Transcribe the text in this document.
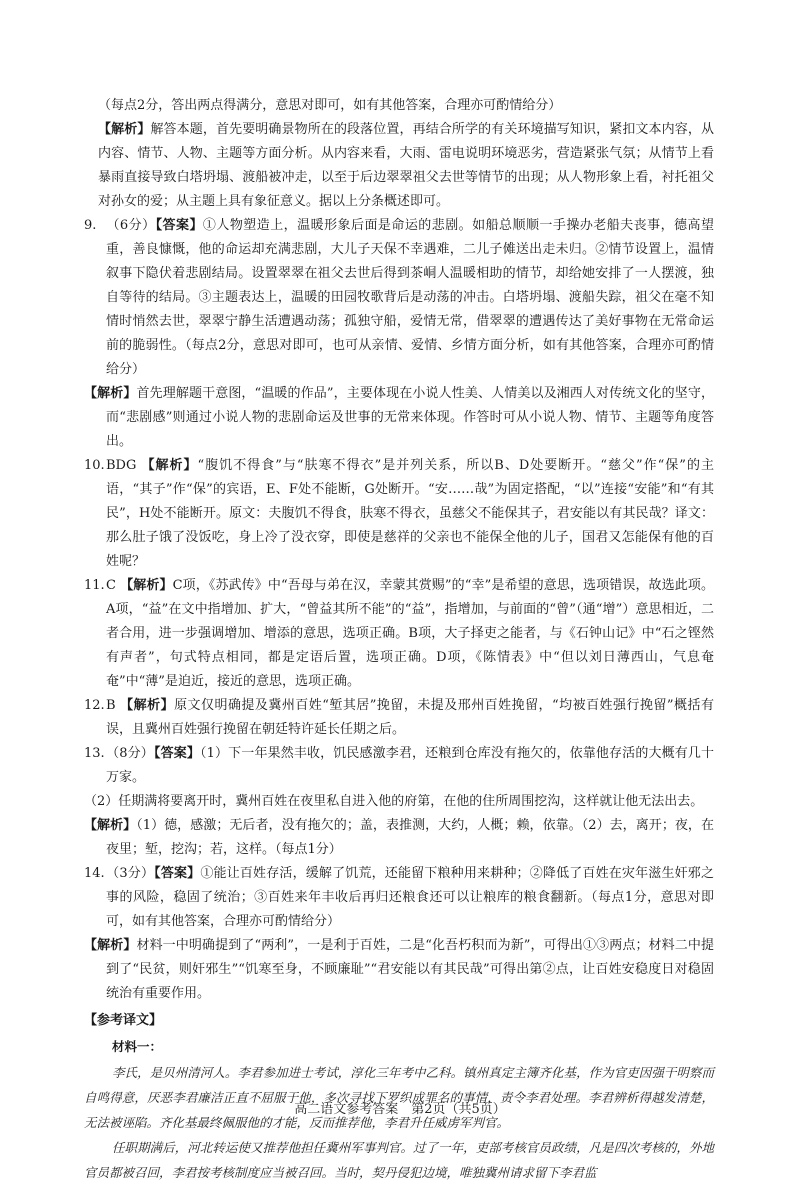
（每点2分，答出两点得满分，意思对即可，如有其他答案，合理亦可酌情给分）

【解析】解答本题，首先要明确景物所在的段落位置，再结合所学的有关环境描写知识，紧扣文本内容，从内容、情节、人物、主题等方面分析。从内容来看，大雨、雷电说明环境恶劣，营造紧张气氛；从情节上看暴雨直接导致白塔坍塌、渡船被冲走，以至于后边翠翠祖父去世等情节的出现；从人物形象上看，衬托祖父对孙女的爱；从主题上具有象征意义。据以上分条概述即可。

9. （6分）【答案】①人物塑造上，温暖形象后面是命运的悲剧。如船总顺顺一手操办老船夫丧事，德高望重，善良慷慨，他的命运却充满悲剧，大儿子天保不幸遇难，二儿子傩送出走未归。②情节设置上，温情叙事下隐伏着悲剧结局。设置翠翠在祖父去世后得到茶峒人温暖相助的情节，却给她安排了一人摆渡，独自等待的结局。③主题表达上，温暖的田园牧歌背后是动荡的冲击。白塔坍塌、渡船失踪，祖父在毫不知情时悄然去世，翠翠宁静生活遭遇动荡；孤独守船，爱情无常，借翠翠的遭遇传达了美好事物在无常命运前的脆弱性。（每点2分，意思对即可，也可从亲情、爱情、乡情方面分析，如有其他答案，合理亦可酌情给分）
【解析】首先理解题干意图，“温暖的作品”，主要体现在小说人性美、人情美以及湘西人对传统文化的坚守，而“悲剧感”则通过小说人物的悲剧命运及世事的无常来体现。作答时可从小说人物、情节、主题等角度答出。
10.BDG 【解析】“腹饥不得食”与“肤寒不得衣”是并列关系，所以B、D处要断开。“慈父”作“保”的主语，“其子”作“保”的宾语，E、F处不能断，G处断开。“安……哉”为固定搭配，“以”连接“安能”和“有其民”，H处不能断开。原文：夫腹饥不得食，肤寒不得衣，虽慈父不能保其子，君安能以有其民哉？译文：那么肚子饿了没饭吃，身上冷了没衣穿，即使是慈祥的父亲也不能保全他的儿子，国君又怎能保有他的百姓呢？
11.C 【解析】C项，《苏武传》中“吾母与弟在汉，幸蒙其赏赐”的“幸”是希望的意思，选项错误，故选此项。A项，“益”在文中指增加、扩大，“曾益其所不能”的“益”，指增加，与前面的“曾”（通“增”）意思相近，二者合用，进一步强调增加、增添的意思，选项正确。B项，大子择吏之能者，与《石钟山记》中“石之铿然有声者”，句式特点相同，都是定语后置，选项正确。D项，《陈情表》中“但以刘日薄西山，气息奄奄”中“薄”是迫近，接近的意思，选项正确。
12.B 【解析】原文仅明确提及冀州百姓“堑其居”挽留，未提及邢州百姓挽留，“均被百姓强行挽留”概括有误，且冀州百姓强行挽留在朝廷特许延长任期之后。
13.（8分）【答案】（1）下一年果然丰收，饥民感激李君，还粮到仓库没有拖欠的，依靠他存活的大概有几十万家。
（2）任期满将要离开时，冀州百姓在夜里私自进入他的府第，在他的住所周围挖沟，这样就让他无法出去。
【解析】（1）德，感激；无后者，没有拖欠的；盖，表推测，大约，人概；赖，依靠。（2）去，离开；夜，在夜里；堑，挖沟；若，这样。（每点1分）
14.（3分）【答案】①能让百姓存活，缓解了饥荒，还能留下粮种用来耕种；②降低了百姓在灾年滋生奸邪之事的风险，稳固了统治；③百姓来年丰收后再归还粮食还可以让粮库的粮食翻新。（每点1分，意思对即可，如有其他答案，合理亦可酌情给分）
【解析】材料一中明确提到了“两利”，一是利于百姓，二是“化吾朽积而为新”，可得出①③两点；材料二中提到了“民贫，则奸邪生”“饥寒至身，不顾廉耻”“君安能以有其民哉”可得出第②点，让百姓安稳度日对稳固统治有重要作用。

【参考译文】

材料一：

李氏，是贝州清河人。李君参加进士考试，淳化三年考中乙科。镇州真定主簿齐化基，作为官吏因强干明察而自鸣得意，厌恶李君廉洁正直不屈服于他，多次寻找下罗织成罪名的事情，责令李君处理。李君辨析得越发清楚，无法被诬陷。齐化基最终佩服他的才能，反而推荐他，李君升任威虏军判官。

任职期满后，河北转运使又推荐他担任冀州军事判官。过了一年，吏部考核官员政绩，凡是四次考核的，外地官员都被召回，李君按考核制度应当被召回。当时，契丹侵犯边境，唯独冀州请求留下李君监

高二语文参考答案　第2页（共5页）
